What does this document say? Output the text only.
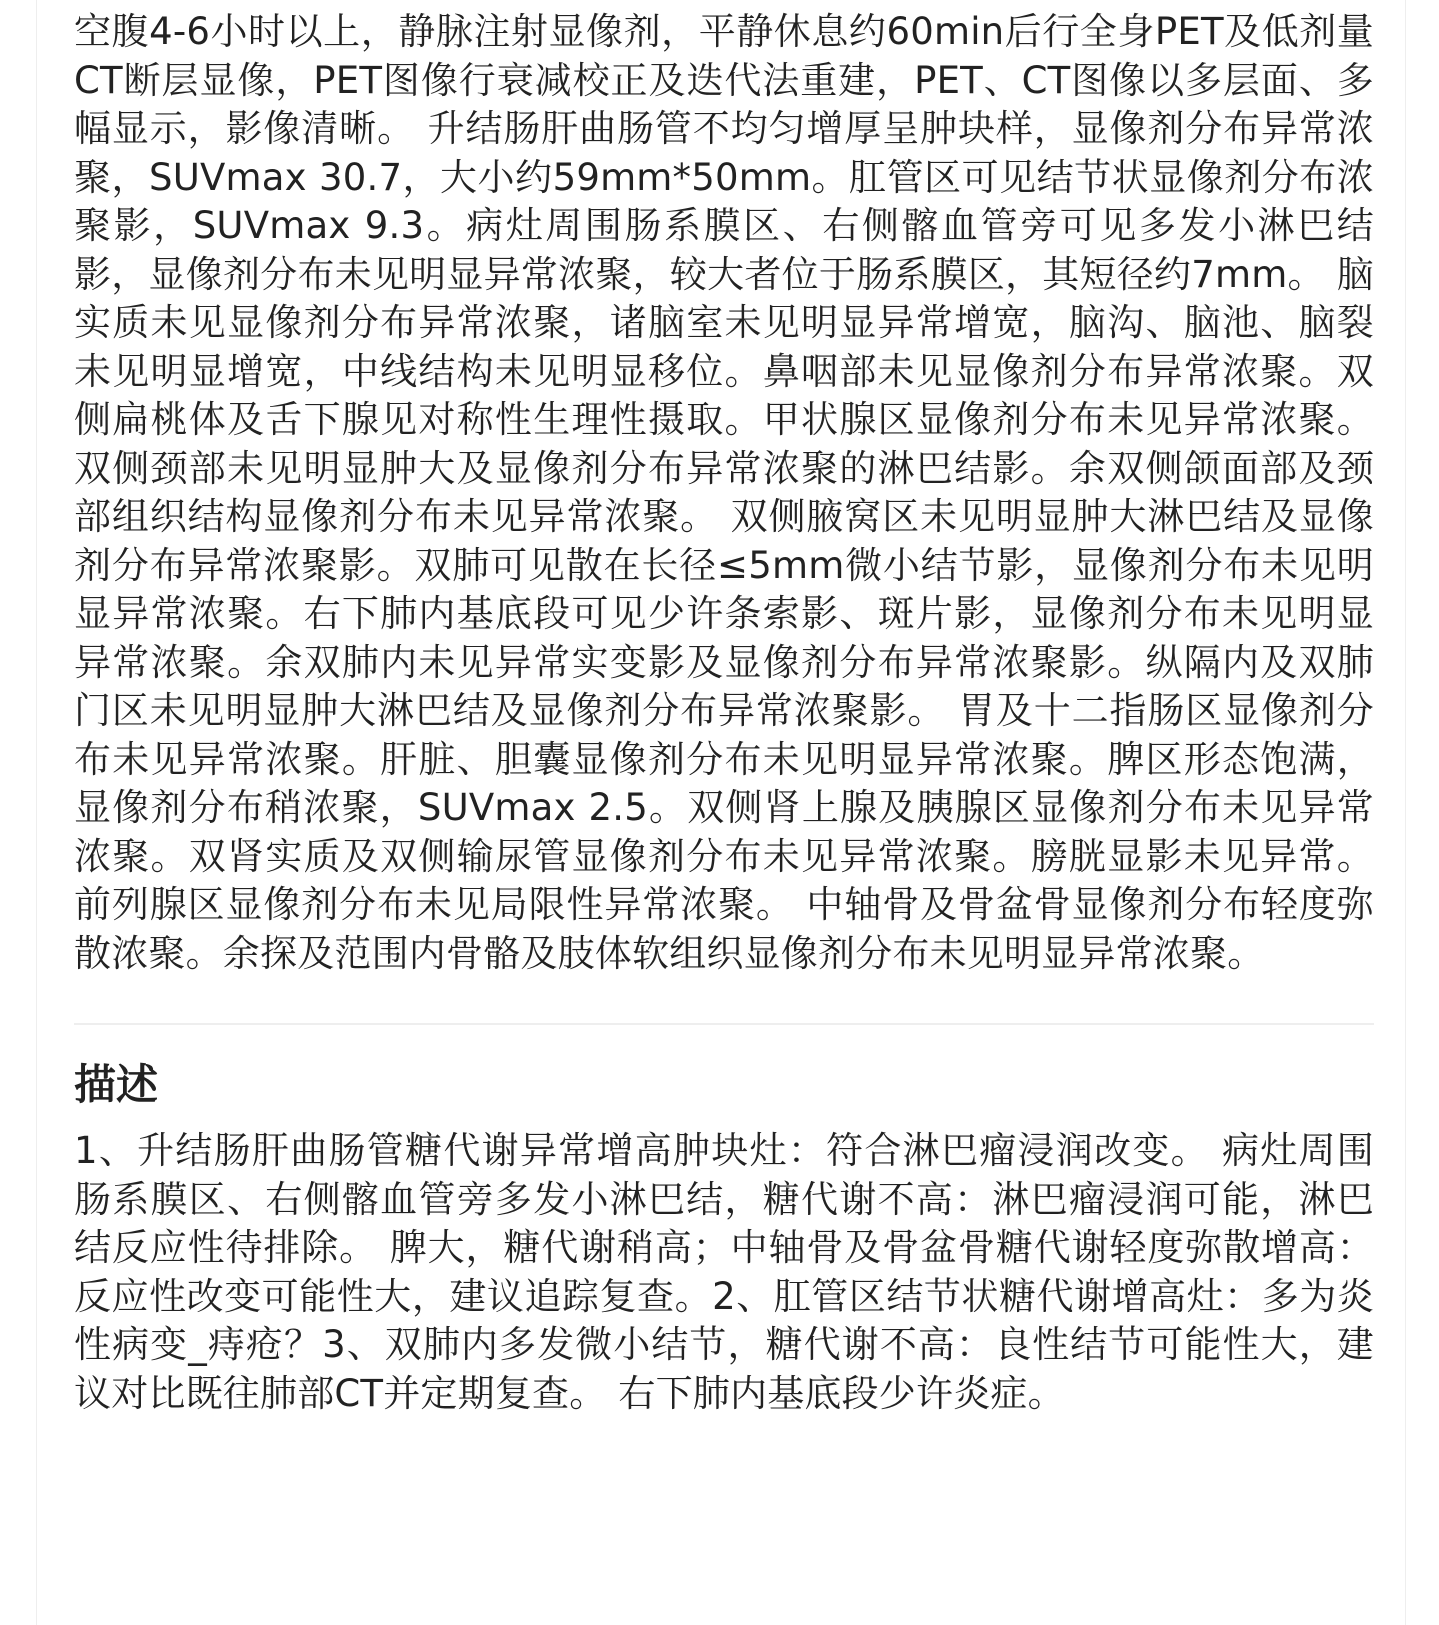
空腹4-6小时以上，静脉注射显像剂，平静休息约60min后行全身PET及低剂量CT断层显像，PET图像行衰减校正及迭代法重建，PET、CT图像以多层面、多幅显示，影像清晰。 升结肠肝曲肠管不均匀增厚呈肿块样，显像剂分布异常浓聚，SUVmax 30.7，大小约59mm*50mm。肛管区可见结节状显像剂分布浓聚影，SUVmax 9.3。病灶周围肠系膜区、右侧髂血管旁可见多发小淋巴结影，显像剂分布未见明显异常浓聚，较大者位于肠系膜区，其短径约7mm。 脑实质未见显像剂分布异常浓聚，诸脑室未见明显异常增宽，脑沟、脑池、脑裂未见明显增宽，中线结构未见明显移位。鼻咽部未见显像剂分布异常浓聚。双侧扁桃体及舌下腺见对称性生理性摄取。甲状腺区显像剂分布未见异常浓聚。双侧颈部未见明显肿大及显像剂分布异常浓聚的淋巴结影。余双侧颌面部及颈部组织结构显像剂分布未见异常浓聚。 双侧腋窝区未见明显肿大淋巴结及显像剂分布异常浓聚影。双肺可见散在长径≤5mm微小结节影，显像剂分布未见明显异常浓聚。右下肺内基底段可见少许条索影、斑片影，显像剂分布未见明显异常浓聚。余双肺内未见异常实变影及显像剂分布异常浓聚影。纵隔内及双肺门区未见明显肿大淋巴结及显像剂分布异常浓聚影。 胃及十二指肠区显像剂分布未见异常浓聚。肝脏、胆囊显像剂分布未见明显异常浓聚。脾区形态饱满，显像剂分布稍浓聚，SUVmax 2.5。双侧肾上腺及胰腺区显像剂分布未见异常浓聚。双肾实质及双侧输尿管显像剂分布未见异常浓聚。膀胱显影未见异常。前列腺区显像剂分布未见局限性异常浓聚。 中轴骨及骨盆骨显像剂分布轻度弥散浓聚。余探及范围内骨骼及肢体软组织显像剂分布未见明显异常浓聚。

描述

1、升结肠肝曲肠管糖代谢异常增高肿块灶：符合淋巴瘤浸润改变。 病灶周围肠系膜区、右侧髂血管旁多发小淋巴结，糖代谢不高：淋巴瘤浸润可能，淋巴结反应性待排除。 脾大，糖代谢稍高；中轴骨及骨盆骨糖代谢轻度弥散增高：反应性改变可能性大，建议追踪复查。2、肛管区结节状糖代谢增高灶：多为炎性病变_痔疮？3、双肺内多发微小结节，糖代谢不高：良性结节可能性大，建议对比既往肺部CT并定期复查。 右下肺内基底段少许炎症。
